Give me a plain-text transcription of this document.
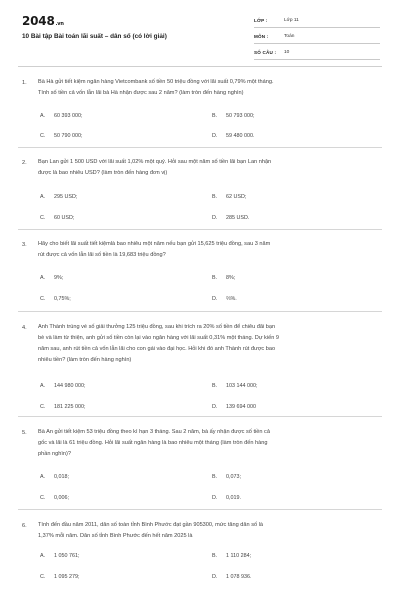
2048.vn
10 Bài tập Bài toán lãi suất – dân số (có lời giải)
LỚP :	Lớp 11
MÔN :	Toán
SỐ CÂU : 10
1. Bà Hà gửi tiết kiệm ngân hàng Vietcombank số tiền 50 triệu đồng với lãi suất 0,79% một tháng.
Tính số tiền cả vốn lẫn lãi bà Hà nhận được sau 2 năm? (làm tròn đến hàng nghìn)
A. 60 393 000;	B. 50 793 000;
C. 50 790 000;	D. 59 480 000.
2. Bạn Lan gửi 1 500 USD với lãi suất 1,02% một quý. Hỏi sau một năm số tiền lãi bạn Lan nhận
được là bao nhiêu USD? (làm tròn đến hàng đơn vị)
A. 295 USD;	B. 62 USD;
C. 60 USD;	D. 285 USD.
3. Hãy cho biết lãi suất tiết kiệmlà bao nhiêu một năm nếu bạn gửi 15,625 triệu đồng, sau 3 năm
rút được cả vốn lẫn lãi số tiền là 19,683 triệu đồng?
A. 9%;	B. 8%;
C. 0,75%;	D. ⅔%.
4. Anh Thành trúng vé số giải thưởng 125 triệu đồng, sau khi trích ra 20% số tiền để chiêu đãi bạn
bè và làm từ thiện, anh gửi số tiền còn lại vào ngân hàng với lãi suất 0,31% một tháng. Dự kiến 9
năm sau, anh rút tiền cả vốn lẫn lãi cho con gái vào đại học. Hỏi khi đó anh Thành rút được bao
nhiêu tiền? (làm tròn đến hàng nghìn)
A. 144 980 000;	B. 103 144 000;
C. 181 225 000;	D. 139 694 000
5. Bà An gửi tiết kiệm 53 triệu đồng theo kì hạn 3 tháng. Sau 2 năm, bà ấy nhận được số tiền cả
gốc và lãi là 61 triệu đồng. Hỏi lãi suất ngân hàng là bao nhiêu một tháng (làm tròn đến hàng
phần nghìn)?
A. 0,018;	B. 0,073;
C. 0,006;	D. 0,019.
6. Tính đến đầu năm 2011, dân số toàn tỉnh Bình Phước đạt gần 905300, mức tăng dân số là
1,37% mỗi năm. Dân số tỉnh Bình Phước đến hết năm 2025 là
A. 1 050 761;	B. 1 110 284;
C. 1 095 279;	D. 1 078 936.
